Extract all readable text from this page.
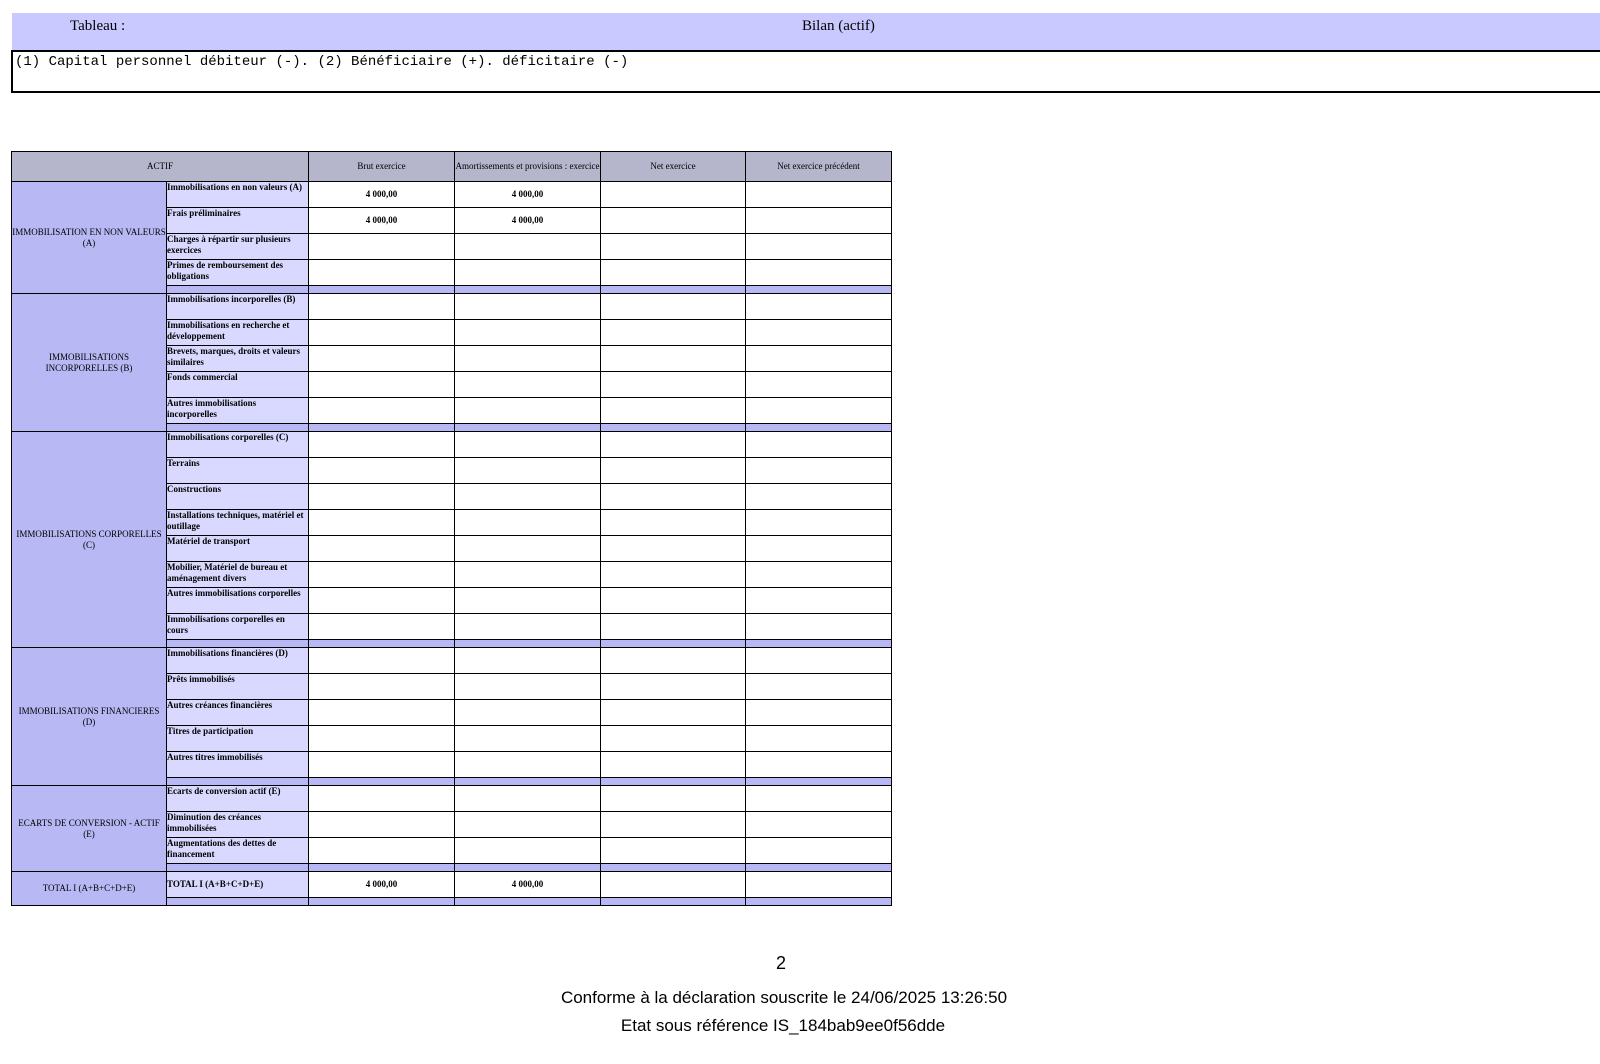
Tableau :	Bilan (actif)
(1) Capital personnel débiteur (-). (2) Bénéficiaire (+). déficitaire (-)
ACTIF		Brut exercice	Amortissements et provisions : exercice	Net exercice	Net exercice précédent
IMMOBILISATION EN NON VALEURS (A)	Immobilisations en non valeurs (A)	4 000,00	4 000,00		
	Frais préliminaires	4 000,00	4 000,00		
	Charges à répartir sur plusieurs exercices				
	Primes de remboursement des obligations				

IMMOBILISATIONS INCORPORELLES (B)	Immobilisations incorporelles (B)				
	Immobilisations en recherche et développement				
	Brevets, marques, droits et valeurs similaires				
	Fonds commercial				
	Autres immobilisations incorporelles				

IMMOBILISATIONS CORPORELLES (C)	Immobilisations corporelles (C)				
	Terrains				
	Constructions				
	Installations techniques, matériel et outillage				
	Matériel de transport				
	Mobilier, Matériel de bureau et aménagement divers				
	Autres immobilisations corporelles				
	Immobilisations corporelles en cours				

IMMOBILISATIONS FINANCIERES (D)	Immobilisations financières (D)				
	Prêts immobilisés				
	Autres créances financières				
	Titres de participation				
	Autres titres immobilisés				

ECARTS DE CONVERSION - ACTIF (E)	Ecarts de conversion actif (E)				
	Diminution des créances immobilisées				
	Augmentations des dettes de financement				

TOTAL I (A+B+C+D+E)	TOTAL I (A+B+C+D+E)	4 000,00	4 000,00		

2
Conforme à la déclaration souscrite le 24/06/2025 13:26:50
Etat sous référence IS_184bab9ee0f56dde
